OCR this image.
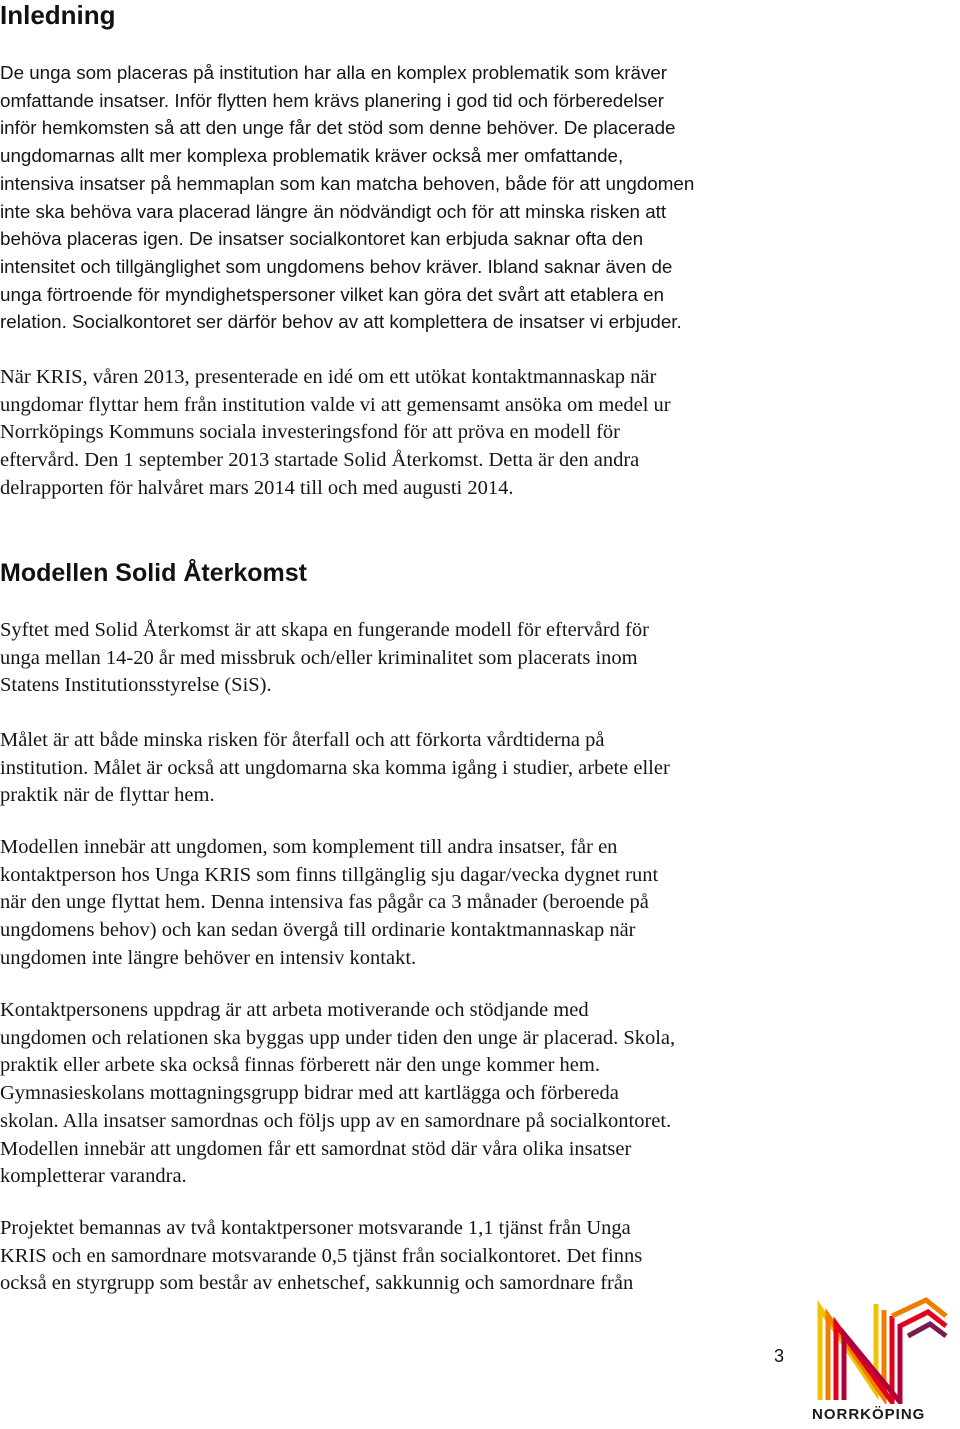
Inledning

De unga som placeras på institution har alla en komplex problematik som kräver
omfattande insatser. Inför flytten hem krävs planering i god tid och förberedelser
inför hemkomsten så att den unge får det stöd som denne behöver. De placerade
ungdomarnas allt mer komplexa problematik kräver också mer omfattande,
intensiva insatser på hemmaplan som kan matcha behoven, både för att ungdomen
inte ska behöva vara placerad längre än nödvändigt och för att minska risken att
behöva placeras igen. De insatser socialkontoret kan erbjuda saknar ofta den
intensitet och tillgänglighet som ungdomens behov kräver. Ibland saknar även de
unga förtroende för myndighetspersoner vilket kan göra det svårt att etablera en
relation. Socialkontoret ser därför behov av att komplettera de insatser vi erbjuder.

När KRIS, våren 2013, presenterade en idé om ett utökat kontaktmannaskap när
ungdomar flyttar hem från institution valde vi att gemensamt ansöka om medel ur
Norrköpings Kommuns sociala investeringsfond för att pröva en modell för
eftervård. Den 1 september 2013 startade Solid Återkomst. Detta är den andra
delrapporten för halvåret mars 2014 till och med augusti 2014.

Modellen Solid Återkomst

Syftet med Solid Återkomst är att skapa en fungerande modell för eftervård för
unga mellan 14-20 år med missbruk och/eller kriminalitet som placerats inom
Statens Institutionsstyrelse (SiS).

Målet är att både minska risken för återfall och att förkorta vårdtiderna på
institution. Målet är också att ungdomarna ska komma igång i studier, arbete eller
praktik när de flyttar hem.

Modellen innebär att ungdomen, som komplement till andra insatser, får en
kontaktperson hos Unga KRIS som finns tillgänglig sju dagar/vecka dygnet runt
när den unge flyttat hem. Denna intensiva fas pågår ca 3 månader (beroende på
ungdomens behov) och kan sedan övergå till ordinarie kontaktmannaskap när
ungdomen inte längre behöver en intensiv kontakt.

Kontaktpersonens uppdrag är att arbeta motiverande och stödjande med
ungdomen och relationen ska byggas upp under tiden den unge är placerad. Skola,
praktik eller arbete ska också finnas förberett när den unge kommer hem.
Gymnasieskolans mottagningsgrupp bidrar med att kartlägga och förbereda
skolan. Alla insatser samordnas och följs upp av en samordnare på socialkontoret.
Modellen innebär att ungdomen får ett samordnat stöd där våra olika insatser
kompletterar varandra.

Projektet bemannas av två kontaktpersoner motsvarande 1,1 tjänst från Unga
KRIS och en samordnare motsvarande 0,5 tjänst från socialkontoret. Det finns
också en styrgrupp som består av enhetschef, sakkunnig och samordnare från

3
NORRKÖPING
